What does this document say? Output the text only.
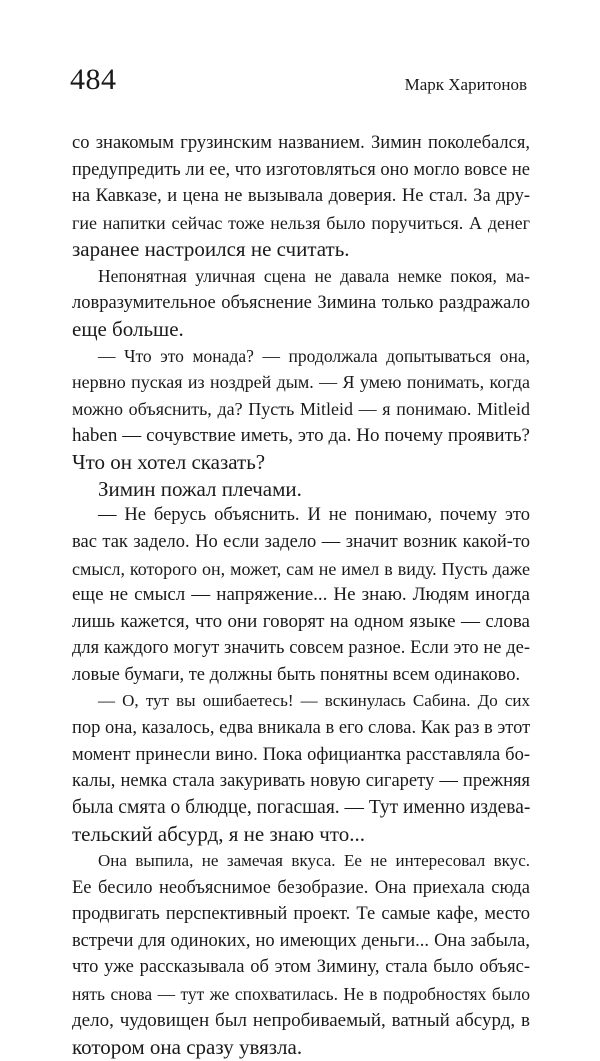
484	Марк Харитонов
со знакомым грузинским названием. Зимин поколебался,
предупредить ли ее, что изготовляться оно могло вовсе не
на Кавказе, и цена не вызывала доверия. Не стал. За дру-
гие напитки сейчас тоже нельзя было поручиться. А денег
заранее настроился не считать.
Непонятная уличная сцена не давала немке покоя, ма-
ловразумительное объяснение Зимина только раздражало
еще больше.
— Что это монада? — продолжала допытываться она,
нервно пуская из ноздрей дым. — Я умею понимать, когда
можно объяснить, да? Пусть Mitleid — я понимаю. Mitleid
haben — сочувствие иметь, это да. Но почему проявить?
Что он хотел сказать?
Зимин пожал плечами.
— Не берусь объяснить. И не понимаю, почему это
вас так задело. Но если задело — значит возник какой-то
смысл, которого он, может, сам не имел в виду. Пусть даже
еще не смысл — напряжение... Не знаю. Людям иногда
лишь кажется, что они говорят на одном языке — слова
для каждого могут значить совсем разное. Если это не де-
ловые бумаги, те должны быть понятны всем одинаково.
— О, тут вы ошибаетесь! — вскинулась Сабина. До сих
пор она, казалось, едва вникала в его слова. Как раз в этот
момент принесли вино. Пока официантка расставляла бо-
калы, немка стала закуривать новую сигарету — прежняя
была смята о блюдце, погасшая. — Тут именно издева-
тельский абсурд, я не знаю что...
Она выпила, не замечая вкуса. Ее не интересовал вкус.
Ее бесило необъяснимое безобразие. Она приехала сюда
продвигать перспективный проект. Те самые кафе, место
встречи для одиноких, но имеющих деньги... Она забыла,
что уже рассказывала об этом Зимину, стала было объяс-
нять снова — тут же спохватилась. Не в подробностях было
дело, чудовищен был непробиваемый, ватный абсурд, в
котором она сразу увязла.
